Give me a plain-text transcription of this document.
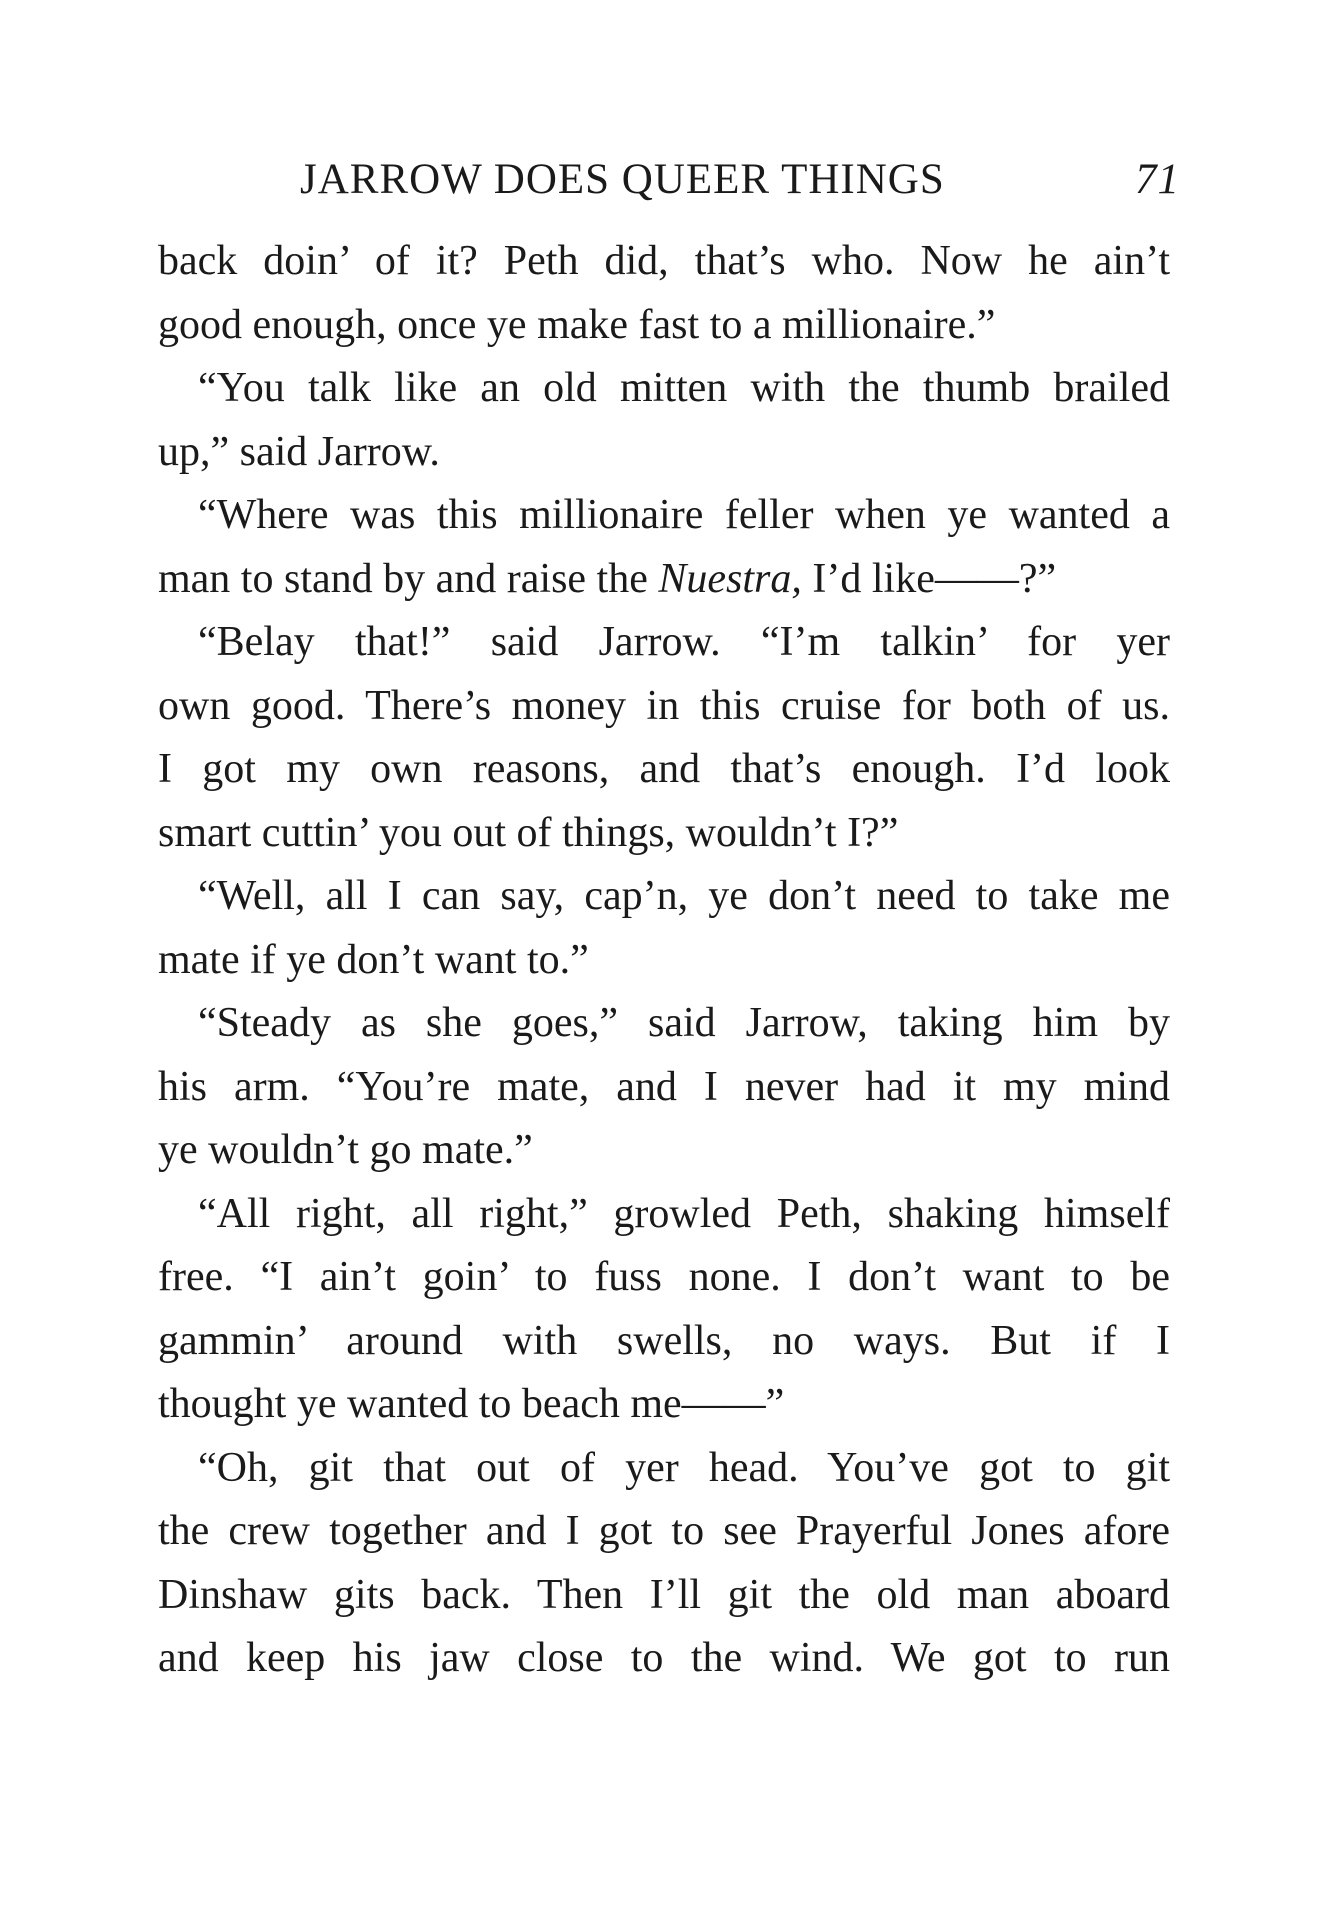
JARROW DOES QUEER THINGS	71
back doin’ of it? Peth did, that’s who. Now he ain’t
good enough, once ye make fast to a millionaire.”
“You talk like an old mitten with the thumb brailed
up,” said Jarrow.
“Where was this millionaire feller when ye wanted a
man to stand by and raise the Nuestra, I’d like——?”
“Belay that!” said Jarrow. “I’m talkin’ for yer
own good. There’s money in this cruise for both of us.
I got my own reasons, and that’s enough. I’d look
smart cuttin’ you out of things, wouldn’t I?”
“Well, all I can say, cap’n, ye don’t need to take me
mate if ye don’t want to.”
“Steady as she goes,” said Jarrow, taking him by
his arm. “You’re mate, and I never had it my mind
ye wouldn’t go mate.”
“All right, all right,” growled Peth, shaking himself
free. “I ain’t goin’ to fuss none. I don’t want to be
gammin’ around with swells, no ways. But if I
thought ye wanted to beach me——”
“Oh, git that out of yer head. You’ve got to git
the crew together and I got to see Prayerful Jones afore
Dinshaw gits back. Then I’ll git the old man aboard
and keep his jaw close to the wind. We got to run
